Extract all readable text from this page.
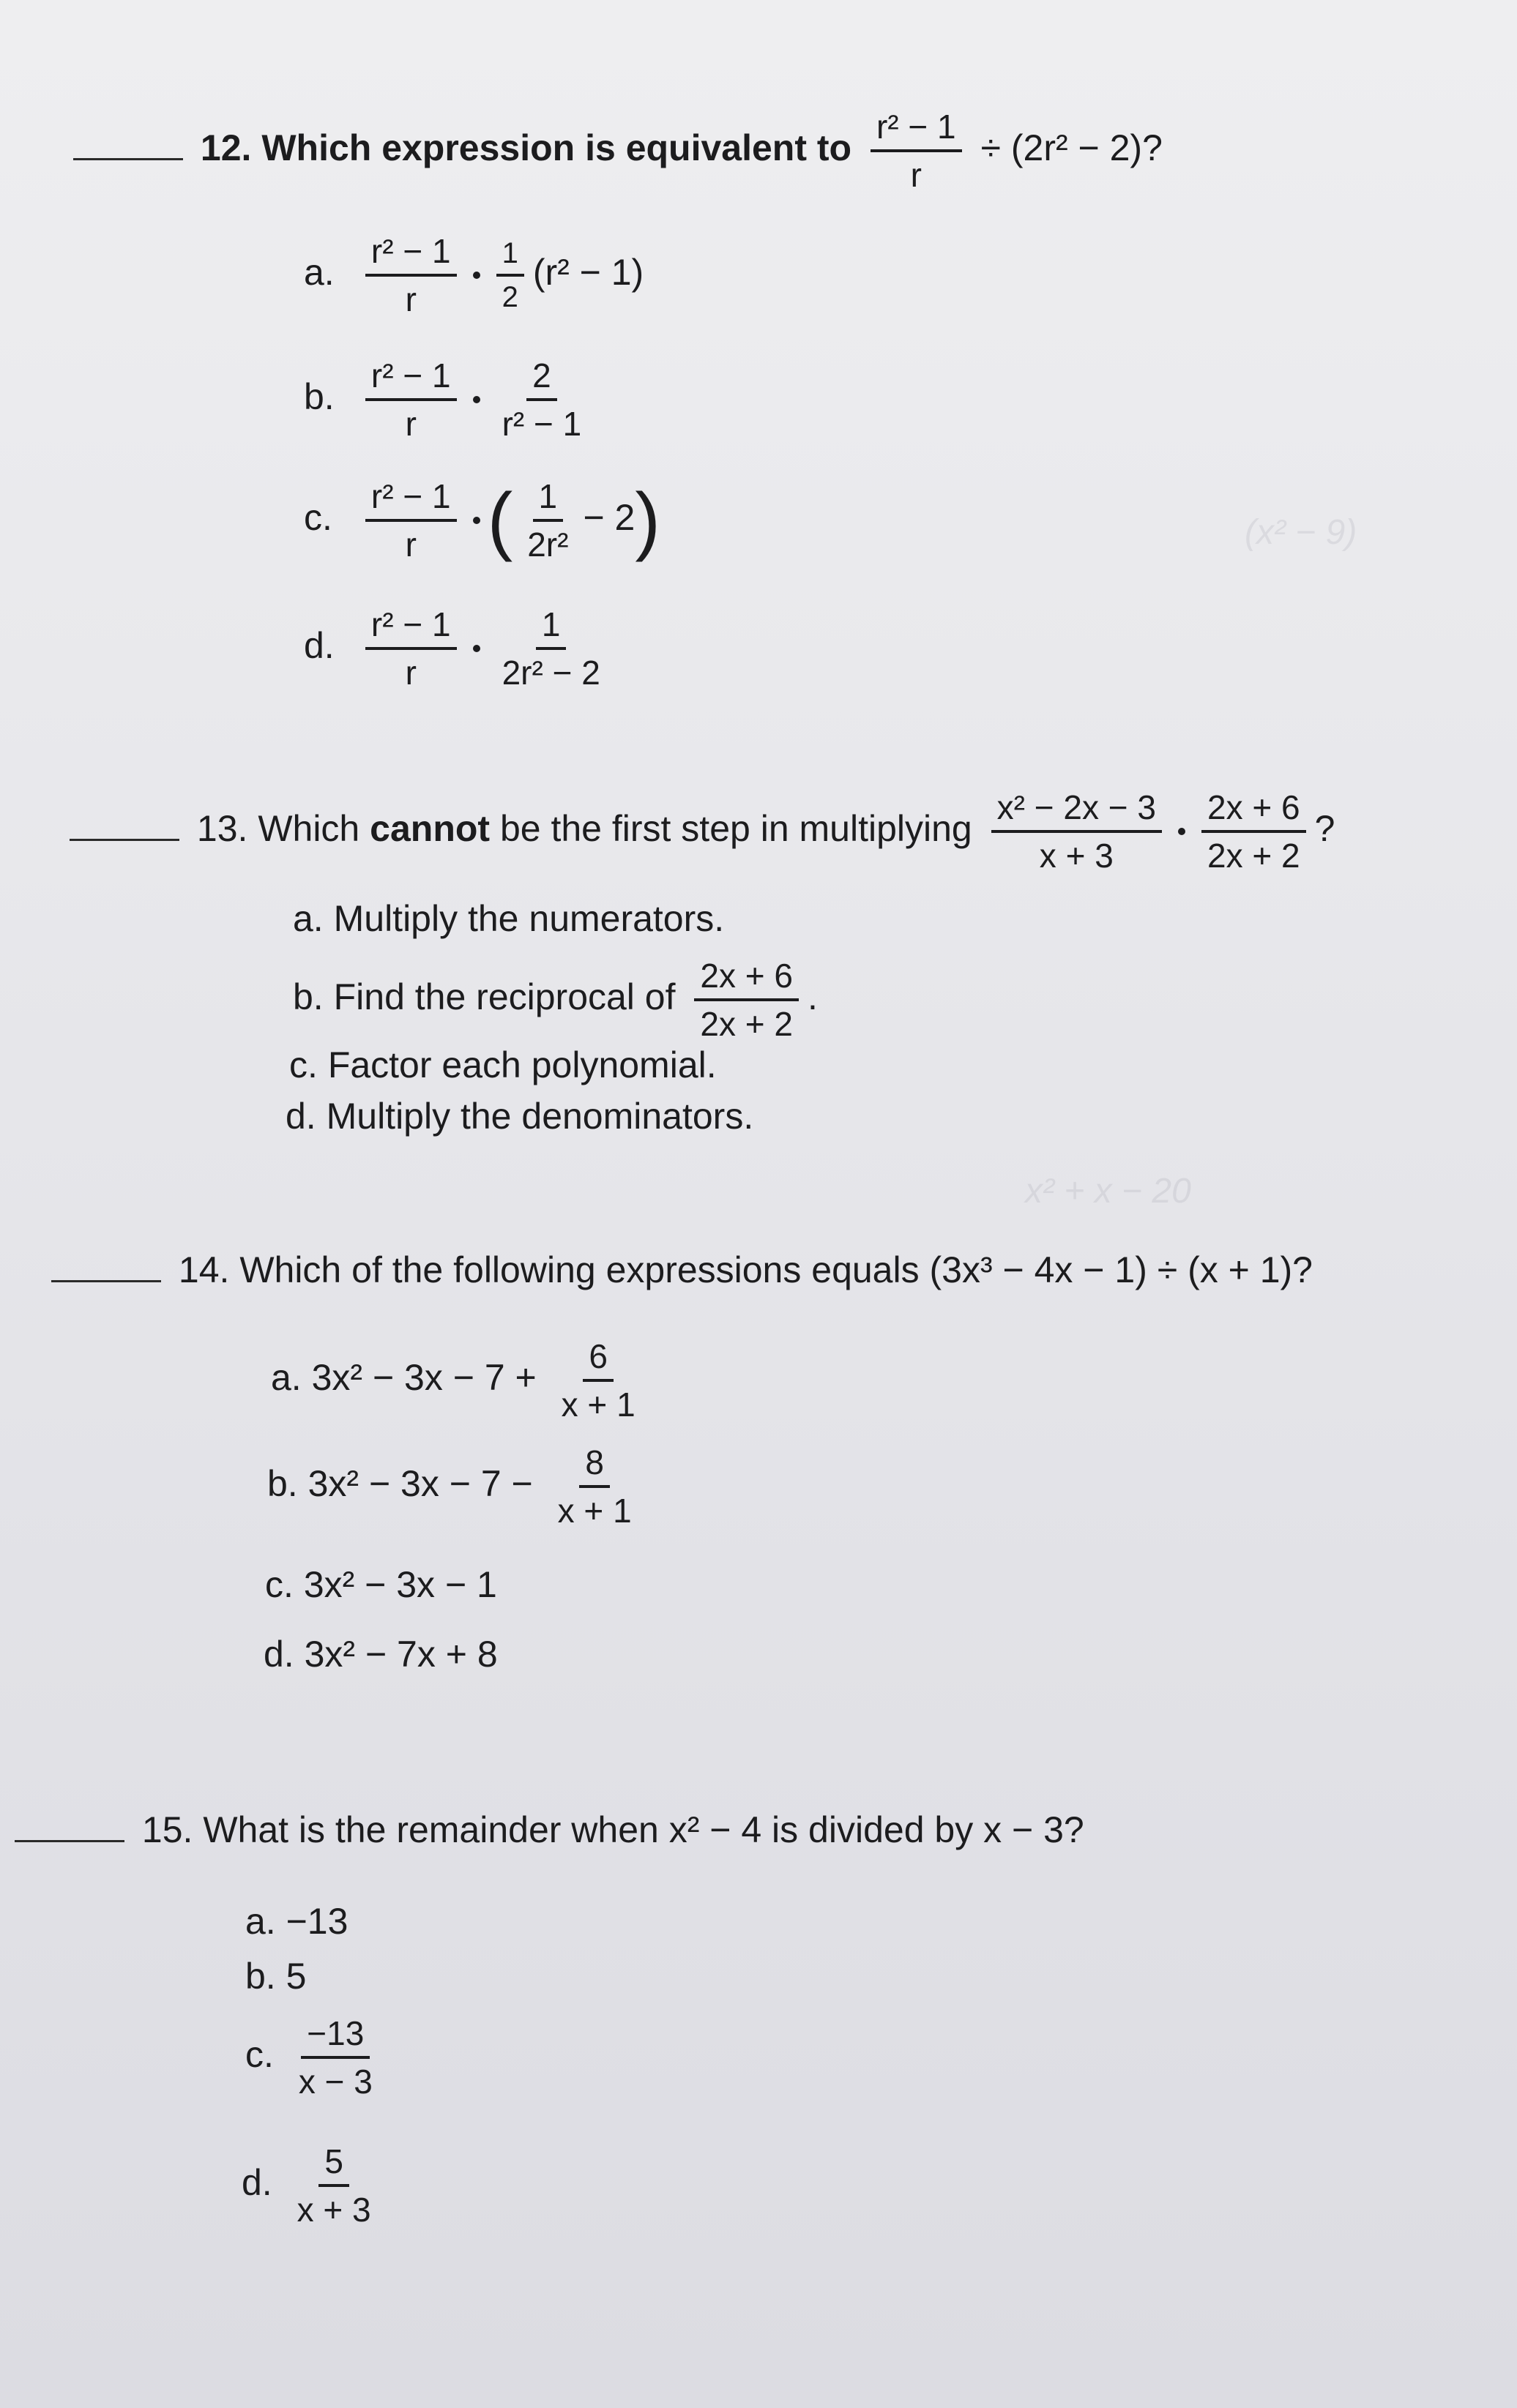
(x² − 9)
x² + x − 20
12. Which expression is equivalent to $\frac{\text{r² − 1}}{r} \div (2r^2 - 2)$?
a. $\frac{\text{r² − 1}}{r} \frac{1}{2} (r^2 - 1)$
b. $\frac{\text{r² − 1}}{r} \frac{2}{\text{r² − 1}}$
c. $\frac{\text{r² − 1}}{r}$ ( $\frac{1}{\text{2r²}} - 2$)
d. $\frac{\text{r² − 1}}{r} \frac{1}{\text{2r² − 2}}$
13. Which cannot be the first step in multiplying $\frac{\text{x² − 2x − 3}}{x + 3} \frac{2x + 6}{2x + 2}$ ?
a. Multiply the numerators.
b. Find the reciprocal of $\frac{2x + 6}{2x + 2}$ .
c. Factor each polynomial.
d. Multiply the denominators.
14. Which of the following expressions equals (3x³ − 4x − 1) ÷ (x + 1)?
a. $3x^2 - 3x - 7 + \frac{6}{x + 1}$
b. $3x^2 - 3x - 7 - \frac{8}{x + 1}$
c. 3x² − 3x − 1
d. 3x² − 7x + 8
15. What is the remainder when x² − 4 is divided by x − 3?
a. −13
b. 5
c. $\frac{-13}{x - 3}$
d. $\frac{5}{x + 3}$
